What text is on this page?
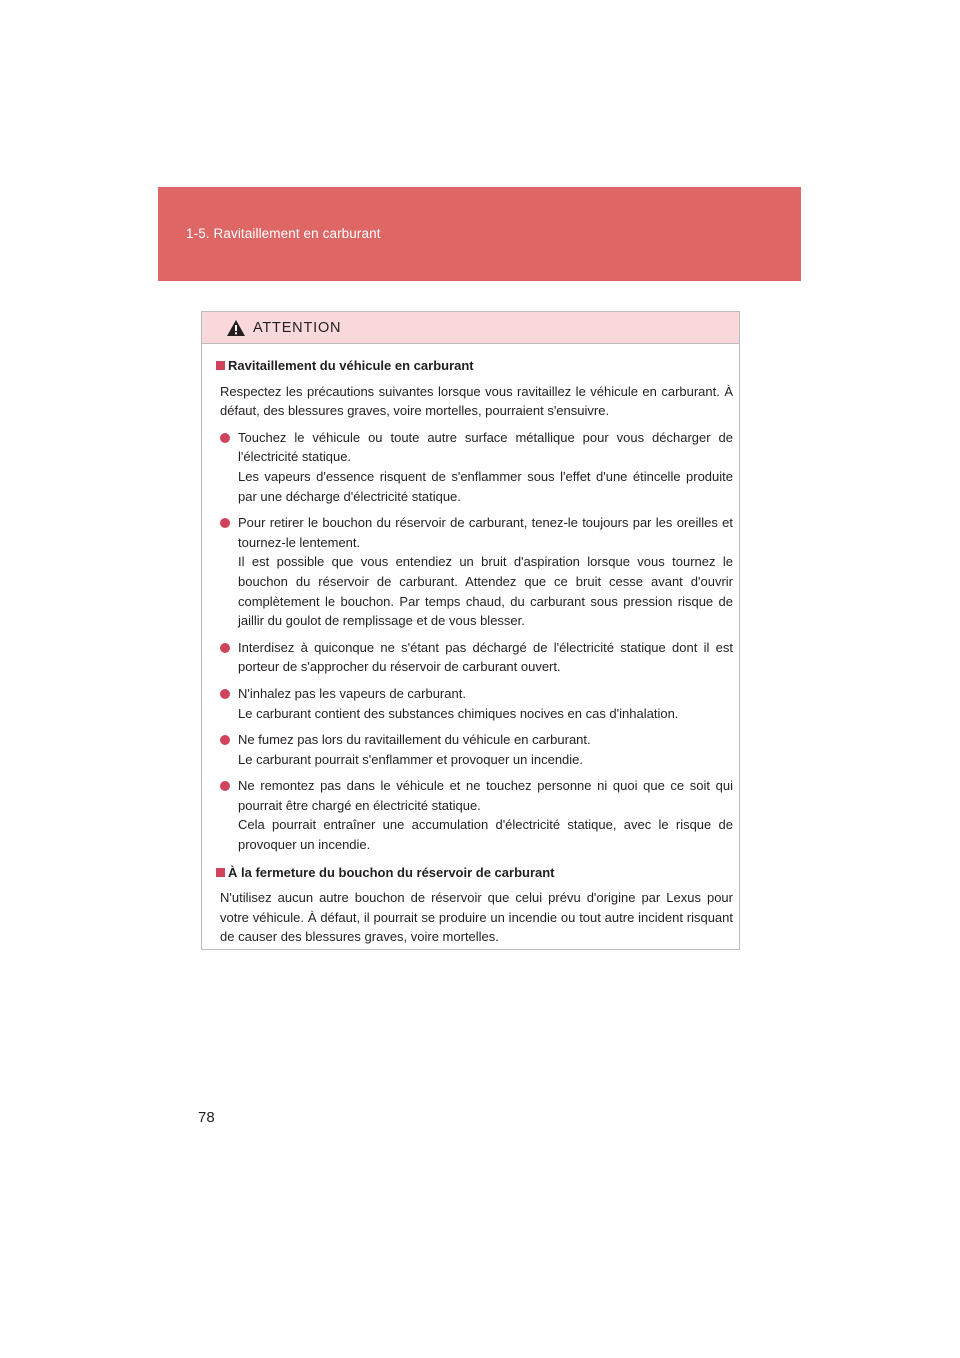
1-5. Ravitaillement en carburant
ATTENTION
Ravitaillement du véhicule en carburant

Respectez les précautions suivantes lorsque vous ravitaillez le véhicule en carburant. À défaut, des blessures graves, voire mortelles, pourraient s'ensuivre.

Touchez le véhicule ou toute autre surface métallique pour vous décharger de l'électricité statique.

Les vapeurs d'essence risquent de s'enflammer sous l'effet d'une étincelle produite par une décharge d'électricité statique.

Pour retirer le bouchon du réservoir de carburant, tenez-le toujours par les oreilles et tournez-le lentement.

Il est possible que vous entendiez un bruit d'aspiration lorsque vous tournez le bouchon du réservoir de carburant. Attendez que ce bruit cesse avant d'ouvrir complètement le bouchon. Par temps chaud, du carburant sous pression risque de jaillir du goulot de remplissage et de vous blesser.

Interdisez à quiconque ne s'étant pas déchargé de l'électricité statique dont il est porteur de s'approcher du réservoir de carburant ouvert.

N'inhalez pas les vapeurs de carburant.

Le carburant contient des substances chimiques nocives en cas d'inhalation.

Ne fumez pas lors du ravitaillement du véhicule en carburant.

Le carburant pourrait s'enflammer et provoquer un incendie.

Ne remontez pas dans le véhicule et ne touchez personne ni quoi que ce soit qui pourrait être chargé en électricité statique.

Cela pourrait entraîner une accumulation d'électricité statique, avec le risque de provoquer un incendie.

À la fermeture du bouchon du réservoir de carburant

N'utilisez aucun autre bouchon de réservoir que celui prévu d'origine par Lexus pour votre véhicule. À défaut, il pourrait se produire un incendie ou tout autre incident risquant de causer des blessures graves, voire mortelles.

78
